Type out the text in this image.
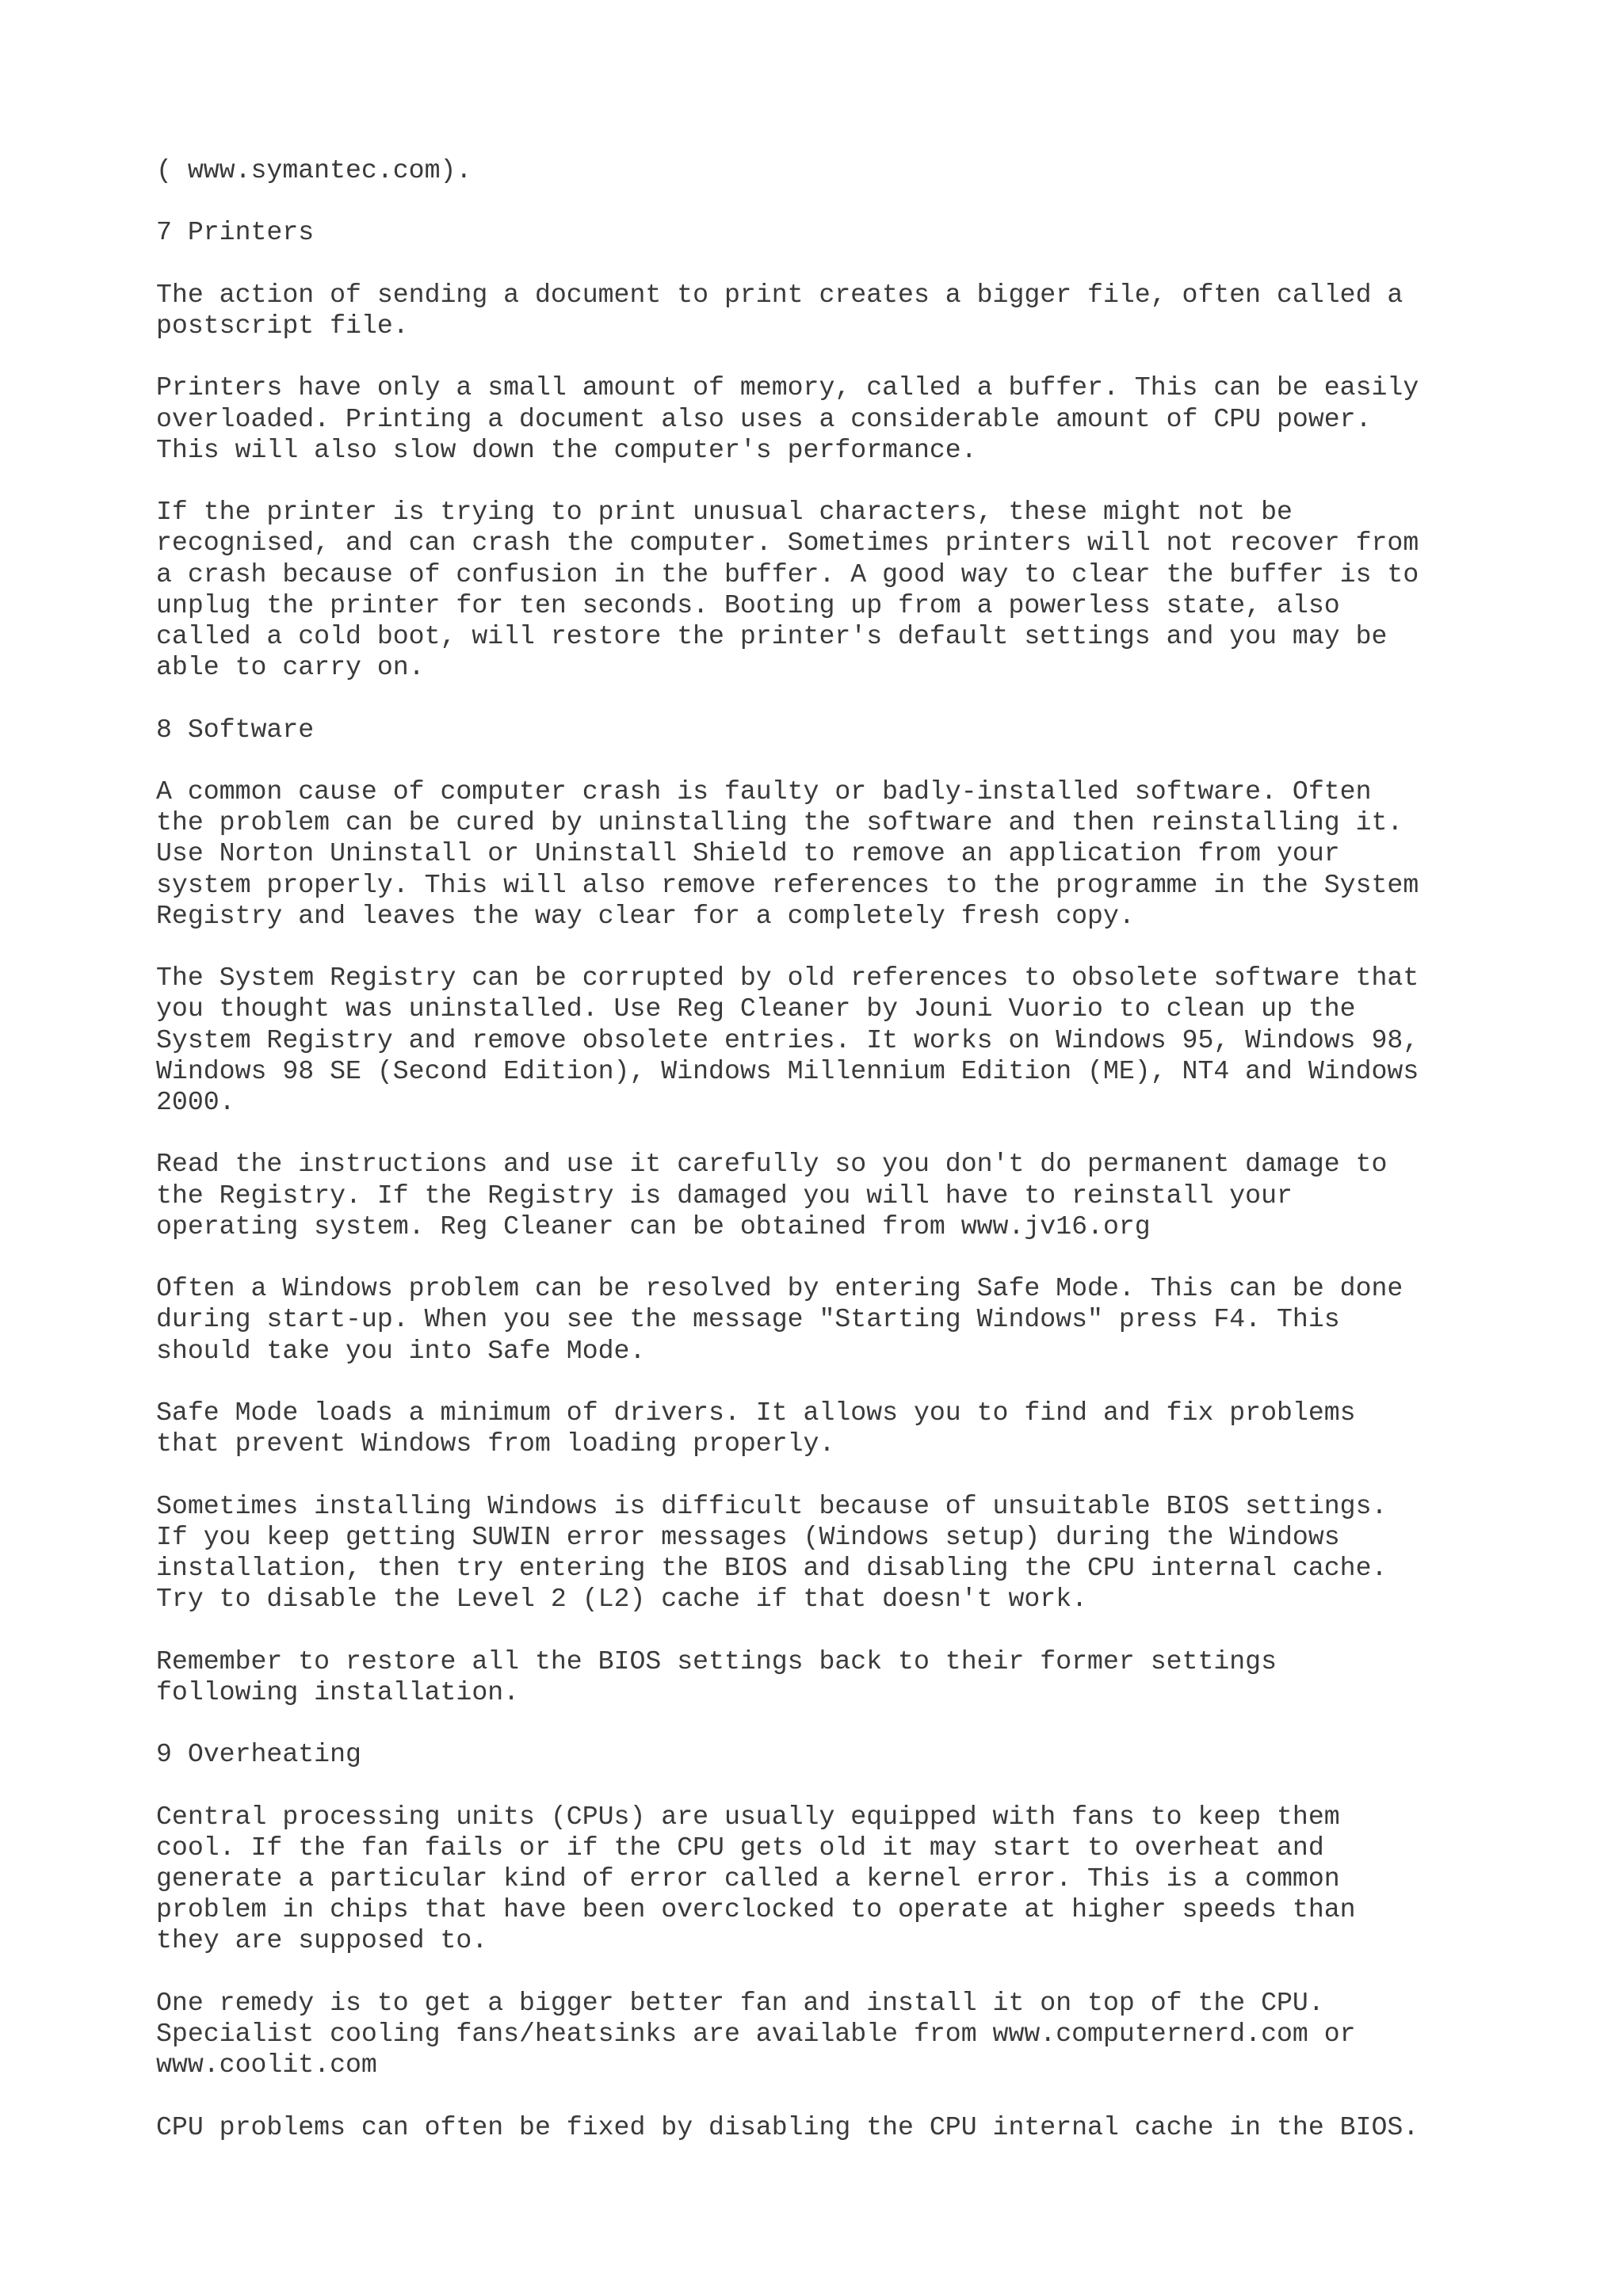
( www.symantec.com).
7 Printers
The action of sending a document to print creates a bigger file, often called a
postscript file.
Printers have only a small amount of memory, called a buffer. This can be easily
overloaded. Printing a document also uses a considerable amount of CPU power.
This will also slow down the computer's performance.
If the printer is trying to print unusual characters, these might not be
recognised, and can crash the computer. Sometimes printers will not recover from
a crash because of confusion in the buffer. A good way to clear the buffer is to
unplug the printer for ten seconds. Booting up from a powerless state, also
called a cold boot, will restore the printer's default settings and you may be
able to carry on.
8 Software
A common cause of computer crash is faulty or badly-installed software. Often
the problem can be cured by uninstalling the software and then reinstalling it.
Use Norton Uninstall or Uninstall Shield to remove an application from your
system properly. This will also remove references to the programme in the System
Registry and leaves the way clear for a completely fresh copy.
The System Registry can be corrupted by old references to obsolete software that
you thought was uninstalled. Use Reg Cleaner by Jouni Vuorio to clean up the
System Registry and remove obsolete entries. It works on Windows 95, Windows 98,
Windows 98 SE (Second Edition), Windows Millennium Edition (ME), NT4 and Windows
2000.
Read the instructions and use it carefully so you don't do permanent damage to
the Registry. If the Registry is damaged you will have to reinstall your
operating system. Reg Cleaner can be obtained from www.jv16.org
Often a Windows problem can be resolved by entering Safe Mode. This can be done
during start-up. When you see the message "Starting Windows" press F4. This
should take you into Safe Mode.
Safe Mode loads a minimum of drivers. It allows you to find and fix problems
that prevent Windows from loading properly.
Sometimes installing Windows is difficult because of unsuitable BIOS settings.
If you keep getting SUWIN error messages (Windows setup) during the Windows
installation, then try entering the BIOS and disabling the CPU internal cache.
Try to disable the Level 2 (L2) cache if that doesn't work.
Remember to restore all the BIOS settings back to their former settings
following installation.
9 Overheating
Central processing units (CPUs) are usually equipped with fans to keep them
cool. If the fan fails or if the CPU gets old it may start to overheat and
generate a particular kind of error called a kernel error. This is a common
problem in chips that have been overclocked to operate at higher speeds than
they are supposed to.
One remedy is to get a bigger better fan and install it on top of the CPU.
Specialist cooling fans/heatsinks are available from www.computernerd.com or
www.coolit.com
CPU problems can often be fixed by disabling the CPU internal cache in the BIOS.
